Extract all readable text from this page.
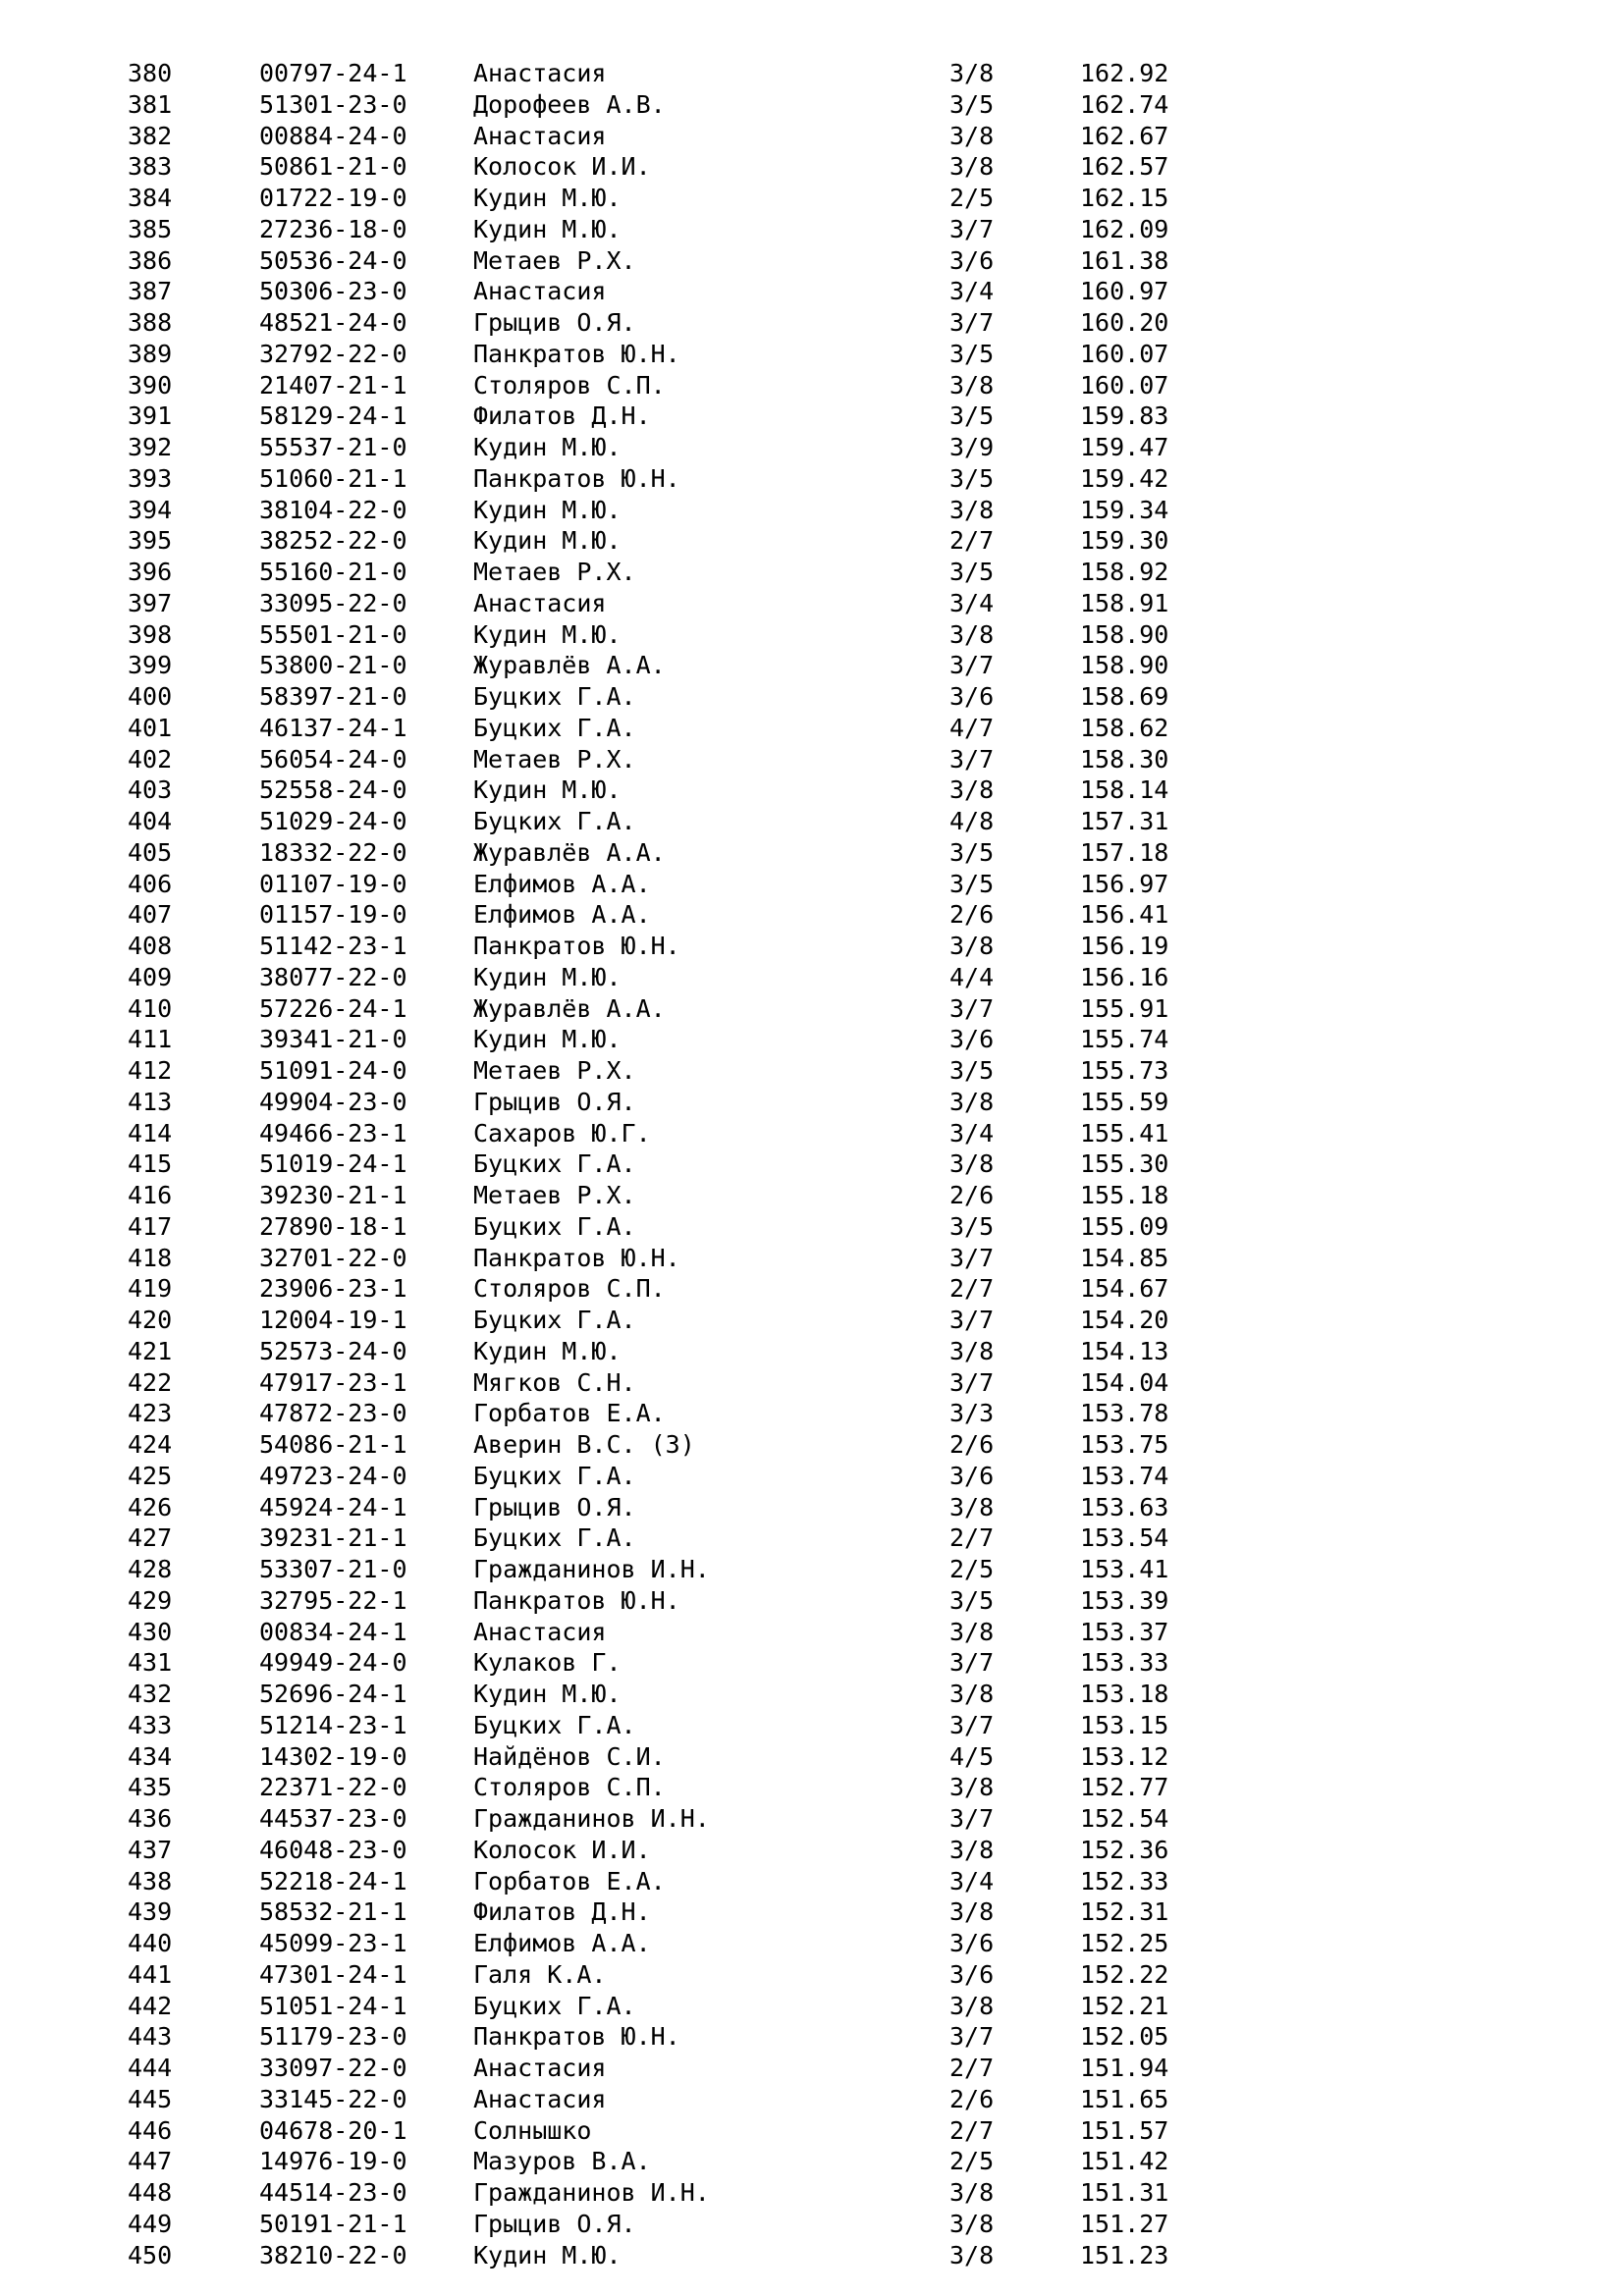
380	00797-24-1	Анастасия	3/8	162.92
381	51301-23-0	Дорофеев А.В.	3/5	162.74
382	00884-24-0	Анастасия	3/8	162.67
383	50861-21-0	Колосок И.И.	3/8	162.57
384	01722-19-0	Кудин М.Ю.	2/5	162.15
385	27236-18-0	Кудин М.Ю.	3/7	162.09
386	50536-24-0	Метаев Р.Х.	3/6	161.38
387	50306-23-0	Анастасия	3/4	160.97
388	48521-24-0	Грыцив О.Я.	3/7	160.20
389	32792-22-0	Панкратов Ю.Н.	3/5	160.07
390	21407-21-1	Столяров С.П.	3/8	160.07
391	58129-24-1	Филатов Д.Н.	3/5	159.83
392	55537-21-0	Кудин М.Ю.	3/9	159.47
393	51060-21-1	Панкратов Ю.Н.	3/5	159.42
394	38104-22-0	Кудин М.Ю.	3/8	159.34
395	38252-22-0	Кудин М.Ю.	2/7	159.30
396	55160-21-0	Метаев Р.Х.	3/5	158.92
397	33095-22-0	Анастасия	3/4	158.91
398	55501-21-0	Кудин М.Ю.	3/8	158.90
399	53800-21-0	Журавлёв А.А.	3/7	158.90
400	58397-21-0	Буцких Г.А.	3/6	158.69
401	46137-24-1	Буцких Г.А.	4/7	158.62
402	56054-24-0	Метаев Р.Х.	3/7	158.30
403	52558-24-0	Кудин М.Ю.	3/8	158.14
404	51029-24-0	Буцких Г.А.	4/8	157.31
405	18332-22-0	Журавлёв А.А.	3/5	157.18
406	01107-19-0	Елфимов А.А.	3/5	156.97
407	01157-19-0	Елфимов А.А.	2/6	156.41
408	51142-23-1	Панкратов Ю.Н.	3/8	156.19
409	38077-22-0	Кудин М.Ю.	4/4	156.16
410	57226-24-1	Журавлёв А.А.	3/7	155.91
411	39341-21-0	Кудин М.Ю.	3/6	155.74
412	51091-24-0	Метаев Р.Х.	3/5	155.73
413	49904-23-0	Грыцив О.Я.	3/8	155.59
414	49466-23-1	Сахаров Ю.Г.	3/4	155.41
415	51019-24-1	Буцких Г.А.	3/8	155.30
416	39230-21-1	Метаев Р.Х.	2/6	155.18
417	27890-18-1	Буцких Г.А.	3/5	155.09
418	32701-22-0	Панкратов Ю.Н.	3/7	154.85
419	23906-23-1	Столяров С.П.	2/7	154.67
420	12004-19-1	Буцких Г.А.	3/7	154.20
421	52573-24-0	Кудин М.Ю.	3/8	154.13
422	47917-23-1	Мягков С.Н.	3/7	154.04
423	47872-23-0	Горбатов Е.А.	3/3	153.78
424	54086-21-1	Аверин В.С. (З)	2/6	153.75
425	49723-24-0	Буцких Г.А.	3/6	153.74
426	45924-24-1	Грыцив О.Я.	3/8	153.63
427	39231-21-1	Буцких Г.А.	2/7	153.54
428	53307-21-0	Гражданинов И.Н.	2/5	153.41
429	32795-22-1	Панкратов Ю.Н.	3/5	153.39
430	00834-24-1	Анастасия	3/8	153.37
431	49949-24-0	Кулаков Г.	3/7	153.33
432	52696-24-1	Кудин М.Ю.	3/8	153.18
433	51214-23-1	Буцких Г.А.	3/7	153.15
434	14302-19-0	Найдёнов С.И.	4/5	153.12
435	22371-22-0	Столяров С.П.	3/8	152.77
436	44537-23-0	Гражданинов И.Н.	3/7	152.54
437	46048-23-0	Колосок И.И.	3/8	152.36
438	52218-24-1	Горбатов Е.А.	3/4	152.33
439	58532-21-1	Филатов Д.Н.	3/8	152.31
440	45099-23-1	Елфимов А.А.	3/6	152.25
441	47301-24-1	Галя К.А.	3/6	152.22
442	51051-24-1	Буцких Г.А.	3/8	152.21
443	51179-23-0	Панкратов Ю.Н.	3/7	152.05
444	33097-22-0	Анастасия	2/7	151.94
445	33145-22-0	Анастасия	2/6	151.65
446	04678-20-1	Солнышко	2/7	151.57
447	14976-19-0	Мазуров В.А.	2/5	151.42
448	44514-23-0	Гражданинов И.Н.	3/8	151.31
449	50191-21-1	Грыцив О.Я.	3/8	151.27
450	38210-22-0	Кудин М.Ю.	3/8	151.23
